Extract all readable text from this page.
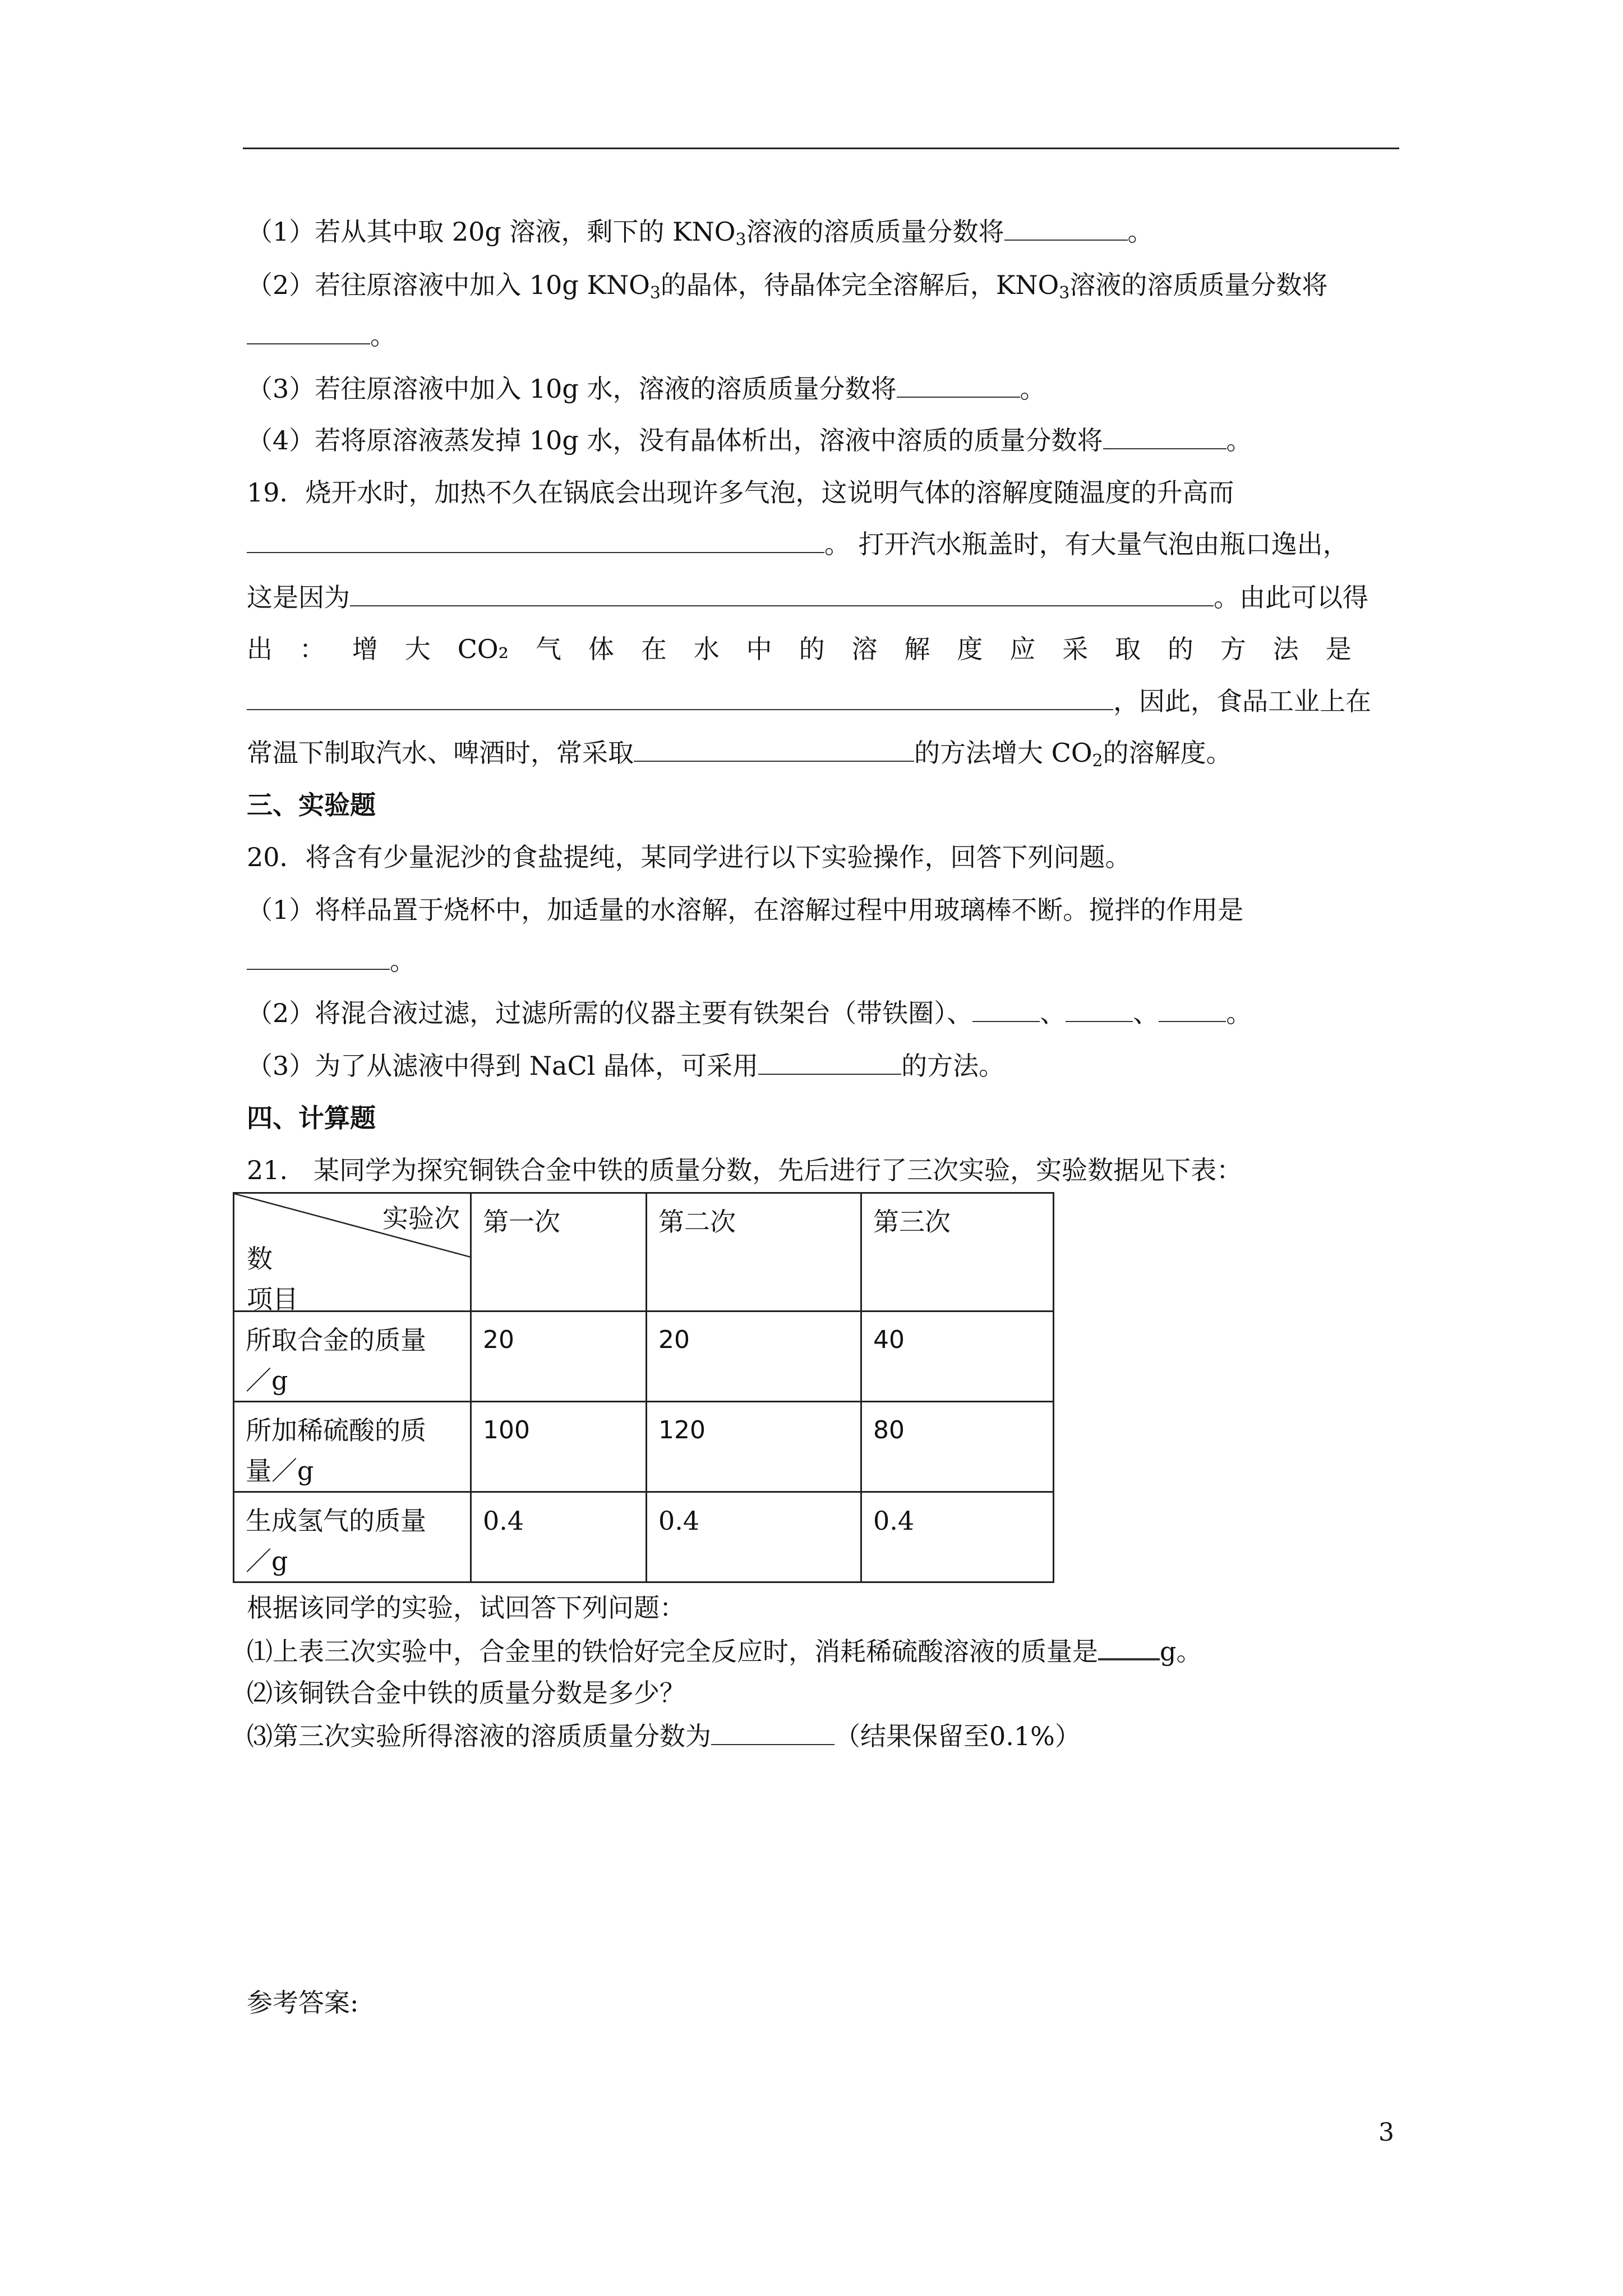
（1）若从其中取 20g 溶液，剩下的 $KNO_3$溶液的溶质质量分数将	。
（2）若往原溶液中加入 10g $KNO_3$的晶体，待晶体完全溶解后，$KNO_3$溶液的溶质质量分数将
。
（3）若往原溶液中加入 10g 水，溶液的溶质质量分数将	。
（4）若将原溶液蒸发掉 10g 水，没有晶体析出，溶液中溶质的质量分数将	。
19．烧开水时，加热不久在锅底会出现许多气泡，这说明气体的溶解度随温度的升高而
。 打开汽水瓶盖时，有大量气泡由瓶口逸出，
这是因为	。由此可以得
出 ： 增 大 CO₂ 气 体 在 水 中 的 溶 解 度 应 采 取 的 方 法 是
，因此，食品工业上在
常温下制取汽水、啤酒时，常采取	的方法增大 $CO_2$的溶解度。
三、实验题
20．将含有少量泥沙的食盐提纯，某同学进行以下实验操作，回答下列问题。
（1）将样品置于烧杯中，加适量的水溶解，在溶解过程中用玻璃棒不断。搅拌的作用是
。
（2）将混合液过滤，过滤所需的仪器主要有铁架台（带铁圈）、	、	、	。
（3）为了从滤液中得到 NaCl 晶体，可采用	的方法。
四、计算题
21.　某同学为探究铜铁合金中铁的质量分数，先后进行了三次实验，实验数据见下表：
实验次
数
项目	第一次	第二次	第三次

所取合金的质量
／g	20	20	40

所加稀硫酸的质
量／g	100	120	80

生成氢气的质量
／g	0.4	0.4	0.4
根据该同学的实验，试回答下列问题：
⑴上表三次实验中，合金里的铁恰好完全反应时，消耗稀硫酸溶液的质量是 g。
⑵该铜铁合金中铁的质量分数是多少？
⑶第三次实验所得溶液的溶质质量分数为	（结果保留至0.1%）
参考答案:
3
